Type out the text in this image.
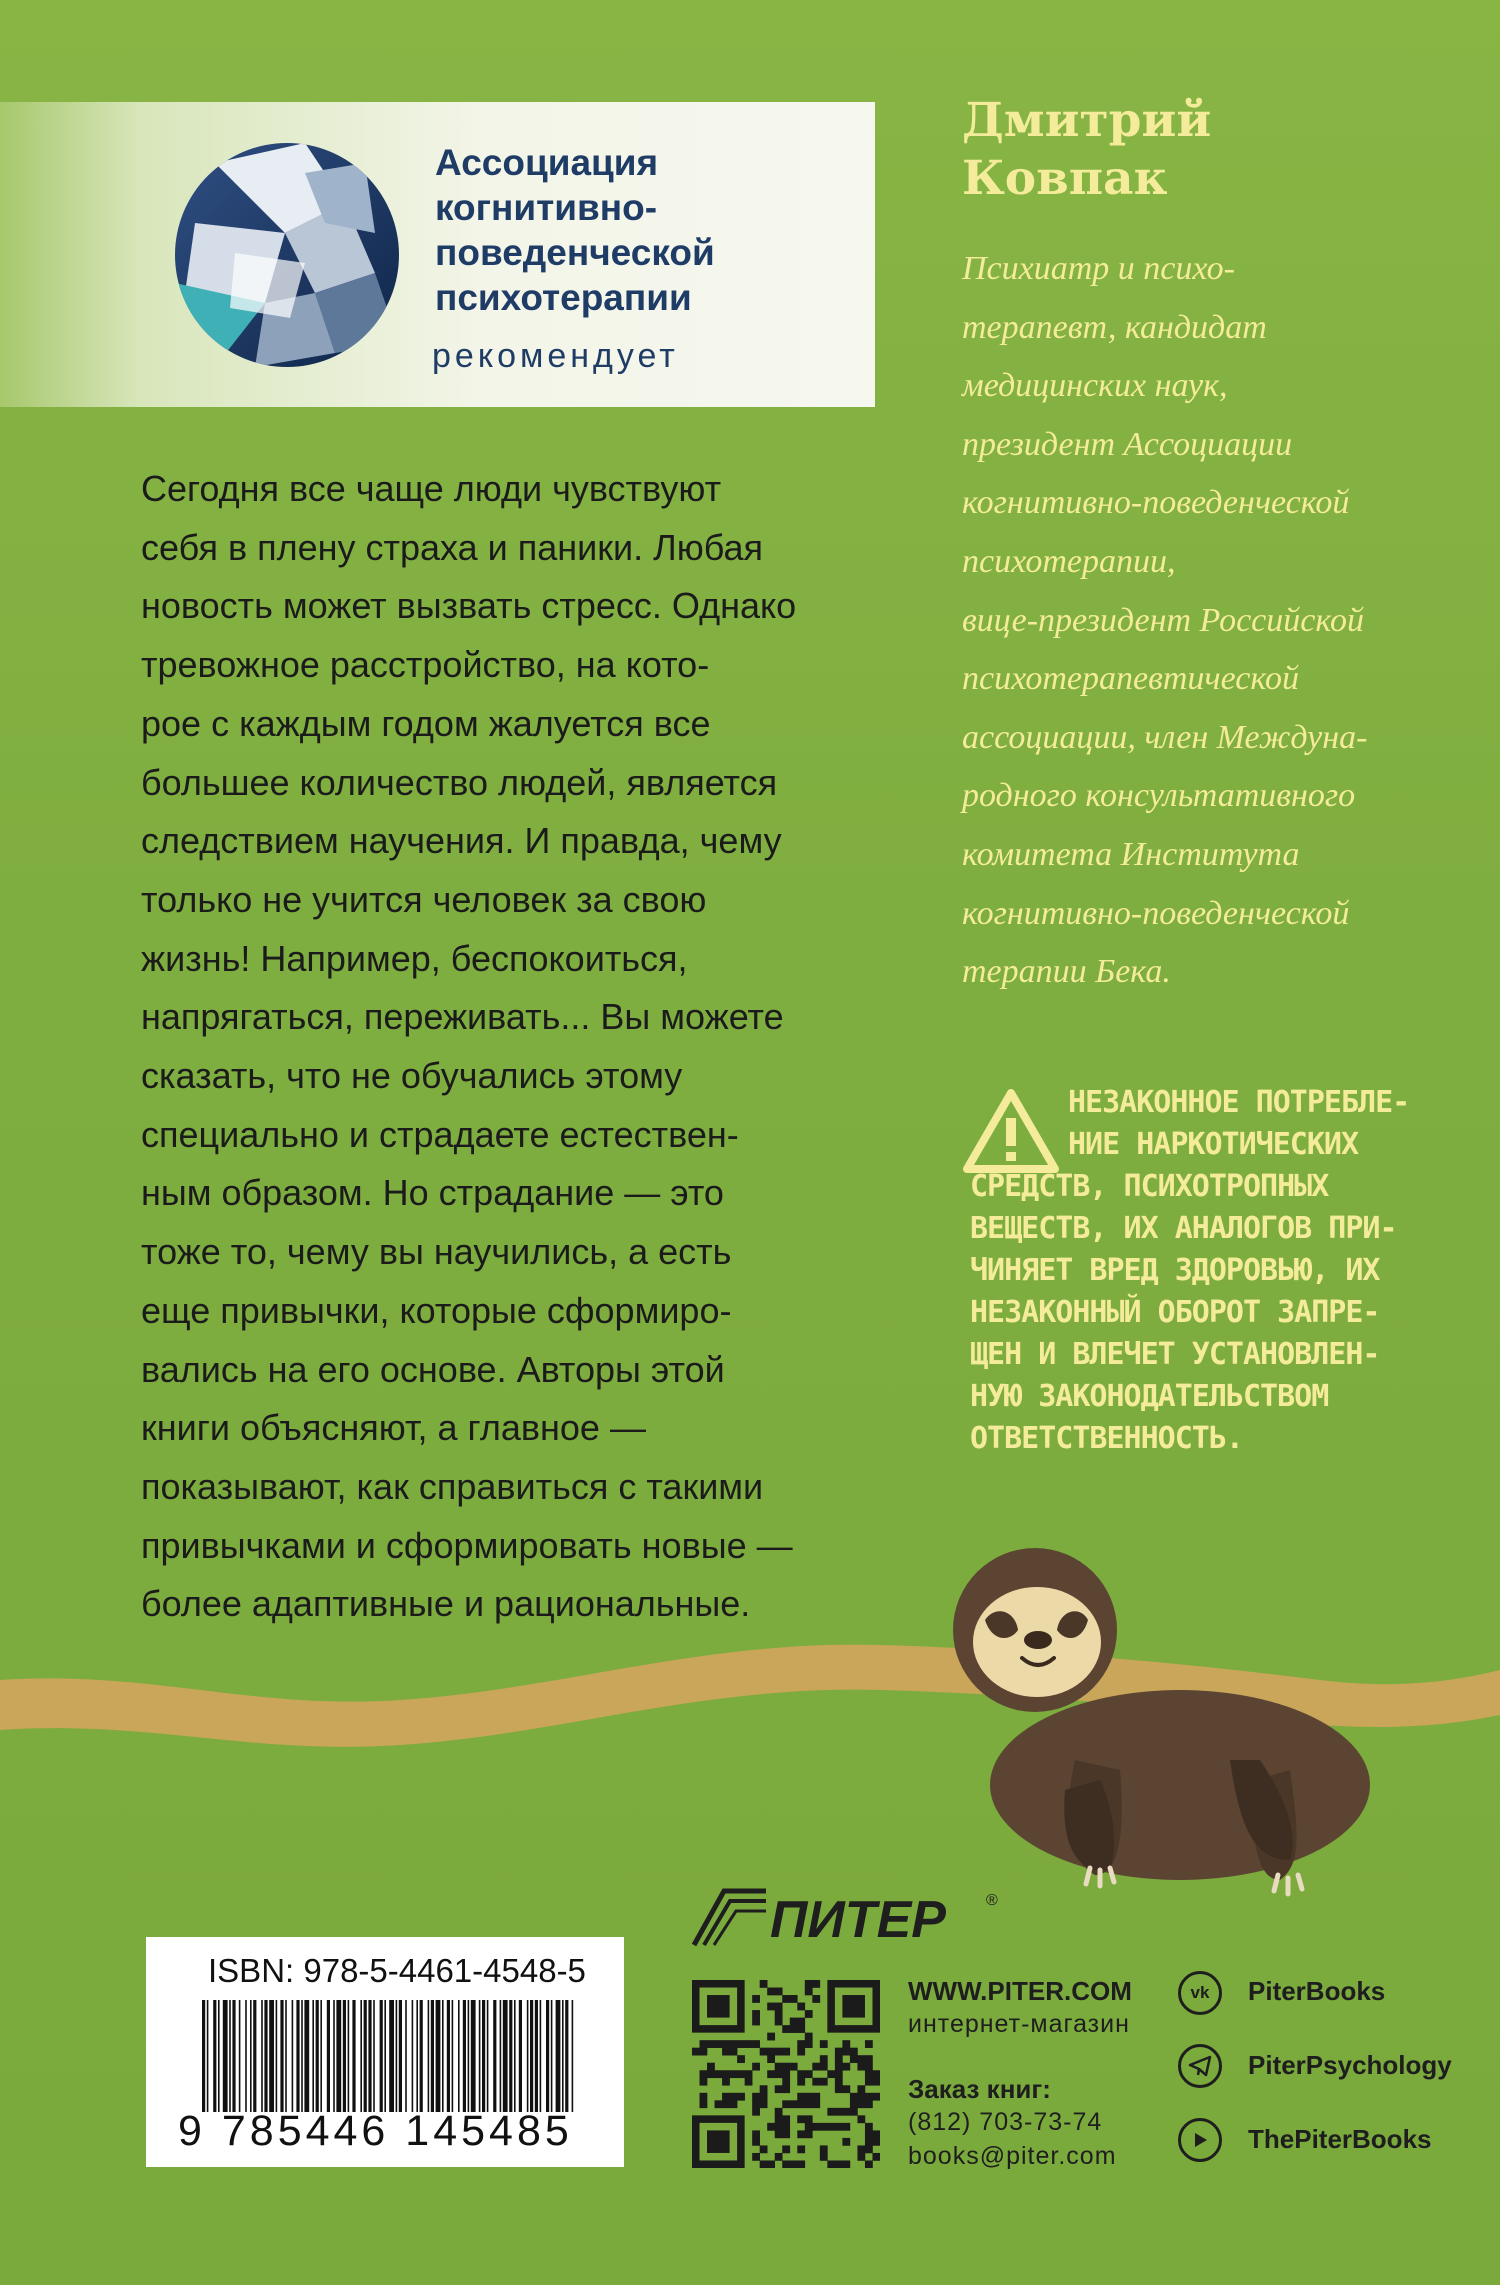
Ассоциация
когнитивно-
поведенческой
психотерапии
рекомендует
Сегодня все чаще люди чувствуют
себя в плену страха и паники. Любая
новость может вызвать стресс. Однако
тревожное расстройство, на кото-
рое с каждым годом жалуется все
большее количество людей, является
следствием научения. И правда, чему
только не учится человек за свою
жизнь! Например, беспокоиться,
напрягаться, переживать... Вы можете
сказать, что не обучались этому
специально и страдаете естествен-
ным образом. Но страдание — это
тоже то, чему вы научились, а есть
еще привычки, которые сформиро-
вались на его основе. Авторы этой
книги объясняют, а главное —
показывают, как справиться с такими
привычками и сформировать новые —
более адаптивные и рациональные.
Дмитрий
Ковпак
Психиатр и психо-
терапевт, кандидат
медицинских наук,
президент Ассоциации
когнитивно-поведенческой
психотерапии,
вице-президент Российской
психотерапевтической
ассоциации, член Междуна-
родного консультативного
комитета Института
когнитивно-поведенческой
терапии Бека.
НЕЗАКОННОЕ ПОТРЕБЛЕ-
НИЕ НАРКОТИЧЕСКИХ
СРЕДСТВ, ПСИХОТРОПНЫХ
ВЕЩЕСТВ, ИХ АНАЛОГОВ ПРИ-
ЧИНЯЕТ ВРЕД ЗДОРОВЬЮ, ИХ
НЕЗАКОННЫЙ ОБОРОТ ЗАПРЕ-
ЩЕН И ВЛЕЧЕТ УСТАНОВЛЕН-
НУЮ ЗАКОНОДАТЕЛЬСТВОМ
ОТВЕТСТВЕННОСТЬ.
ПИТЕР	®
ISBN: 978-5-4461-4548-5
9 785446 145485
WWW.PITER.COM
интернет-магазин
Заказ книг:
(812) 703-73-74
books@piter.com
vk PiterBooks
PiterPsychology
ThePiterBooks
